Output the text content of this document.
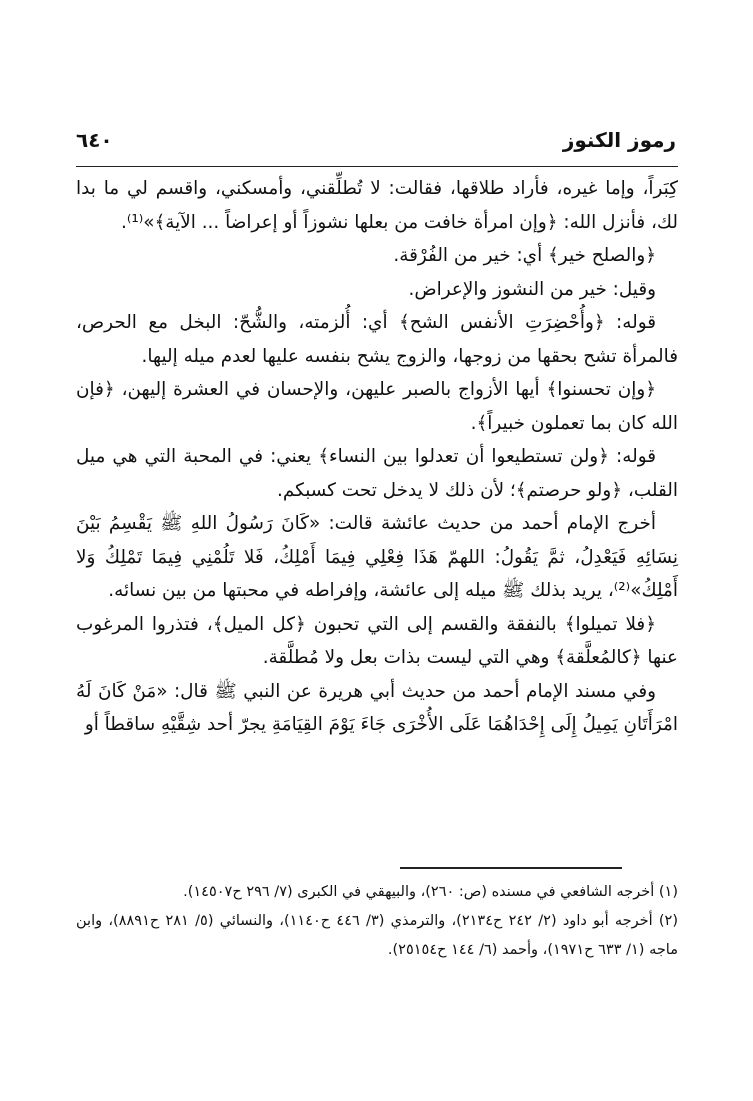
رموز الكنوز
٦٤٠

كِبَراً، وإما غيره، فأراد طلاقها، فقالت: لا تُطلِّقني، وأمسكني، واقسم لي ما بدا لك، فأنزل الله: ﴿وإن امرأة خافت من بعلها نشوزاً أو إعراضاً ... الآية﴾»⁽¹⁾.

﴿والصلح خير﴾ أي: خير من الفُرْقة.

وقيل: خير من النشوز والإعراض.

قوله: ﴿وأُحْضِرَتِ الأنفس الشح﴾ أي: أُلزمته، والشُّحّ: البخل مع الحرص، فالمرأة تشح بحقها من زوجها، والزوج يشح بنفسه عليها لعدم ميله إليها.

﴿وإن تحسنوا﴾ أيها الأزواج بالصبر عليهن، والإحسان في العشرة إليهن، ﴿فإن الله كان بما تعملون خبيراً﴾.

قوله: ﴿ولن تستطيعوا أن تعدلوا بين النساء﴾ يعني: في المحبة التي هي ميل القلب، ﴿ولو حرصتم﴾؛ لأن ذلك لا يدخل تحت كسبكم.

أخرج الإمام أحمد من حديث عائشة قالت: «كَانَ رَسُولُ اللهِ ﷺ يَقْسِمُ بَيْنَ نِسَائِهِ فَيَعْدِلُ، ثمَّ يَقُولُ: اللهمّ هَذَا فِعْلِي فِيمَا أَمْلِكُ، فَلا تَلُمْنِي فِيمَا تَمْلِكُ وَلا أَمْلِكُ»⁽²⁾، يريد بذلك ﷺ ميله إلى عائشة، وإفراطه في محبتها من بين نسائه.

﴿فلا تميلوا﴾ بالنفقة والقسم إلى التي تحبون ﴿كل الميل﴾، فتذروا المرغوب عنها ﴿كالمُعلَّقة﴾ وهي التي ليست بذات بعل ولا مُطلَّقة.

وفي مسند الإمام أحمد من حديث أبي هريرة عن النبي ﷺ قال: «مَنْ كَانَ لَهُ امْرَأَتَانِ يَمِيلُ إِلَى إِحْدَاهُمَا عَلَى الأُخْرَى جَاءَ يَوْمَ القِيَامَةِ يجرّ أحد شِقَّيْهِ ساقطاً أو

(١) أخرجه الشافعي في مسنده (ص: ٢٦٠)، والبيهقي في الكبرى (٧/ ٢٩٦ ح١٤٥٠٧).

(٢) أخرجه أبو داود (٢/ ٢٤٢ ح٢١٣٤)، والترمذي (٣/ ٤٤٦ ح١١٤٠)، والنسائي (٥/ ٢٨١ ح٨٨٩١)، وابن ماجه (١/ ٦٣٣ ح١٩٧١)، وأحمد (٦/ ١٤٤ ح٢٥١٥٤).
